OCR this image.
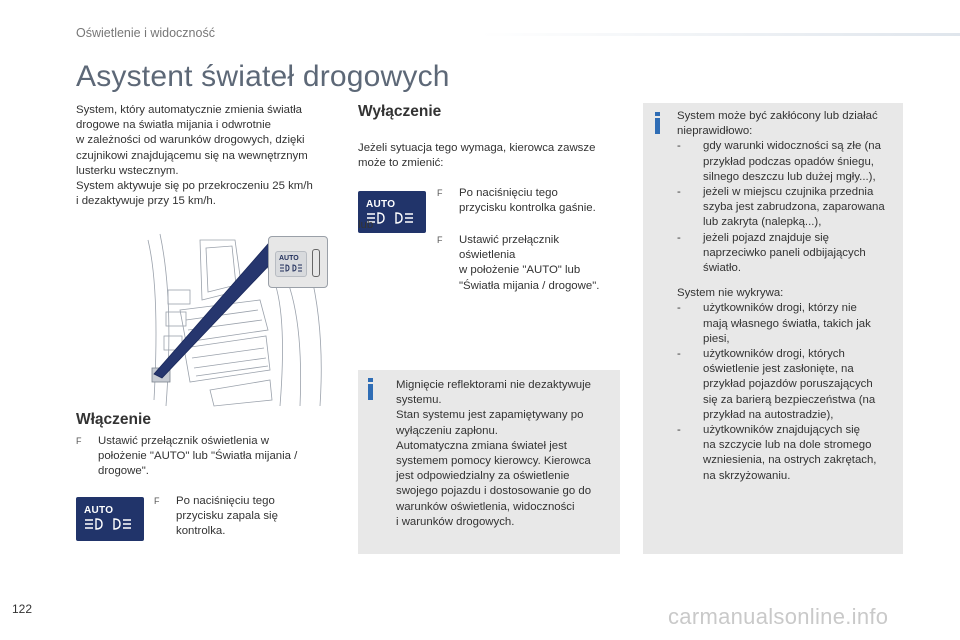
Oświetlenie i widoczność
Asystent świateł drogowych
System, który automatycznie zmienia światła
drogowe na światła mijania i odwrotnie
w zależności od warunków drogowych, dzięki
czujnikowi znajdującemu się na wewnętrznym
lusterku wstecznym.
System aktywuje się po przekroczeniu 25 km/h
i dezaktywuje przy 15 km/h.
AUTO
Włączenie
F Ustawić przełącznik oświetlenia w
położenie "AUTO" lub "Światła mijania /
drogowe".
AUTO
F Po naciśnięciu tego
przycisku zapala się
kontrolka.
Wyłączenie
Jeżeli sytuacja tego wymaga, kierowca zawsze
może to zmienić:
AUTO
F Po naciśnięciu tego
przycisku kontrolka gaśnie.
lub
F Ustawić przełącznik
oświetlenia
w położenie "AUTO" lub
"Światła mijania / drogowe".
Mignięcie reflektorami nie dezaktywuje
systemu.
Stan systemu jest zapamiętywany po
wyłączeniu zapłonu.
Automatyczna zmiana świateł jest
systemem pomocy kierowcy. Kierowca
jest odpowiedzialny za oświetlenie
swojego pojazdu i dostosowanie go do
warunków oświetlenia, widoczności
i warunków drogowych.
System może być zakłócony lub działać
nieprawidłowo:
- gdy warunki widoczności są złe (na
przykład podczas opadów śniegu,
silnego deszczu lub dużej mgły...),
- jeżeli w miejscu czujnika przednia
szyba jest zabrudzona, zaparowana
lub zakryta (nalepką...),
- jeżeli pojazd znajduje się
naprzeciwko paneli odbijających
światło.
System nie wykrywa:
- użytkowników drogi, którzy nie
mają własnego światła, takich jak
piesi,
- użytkowników drogi, których
oświetlenie jest zasłonięte, na
przykład pojazdów poruszających
się za barierą bezpieczeństwa (na
przykład na autostradzie),
- użytkowników znajdujących się
na szczycie lub na dole stromego
wzniesienia, na ostrych zakrętach,
na skrzyżowaniu.
122	carmanualsonline.info
